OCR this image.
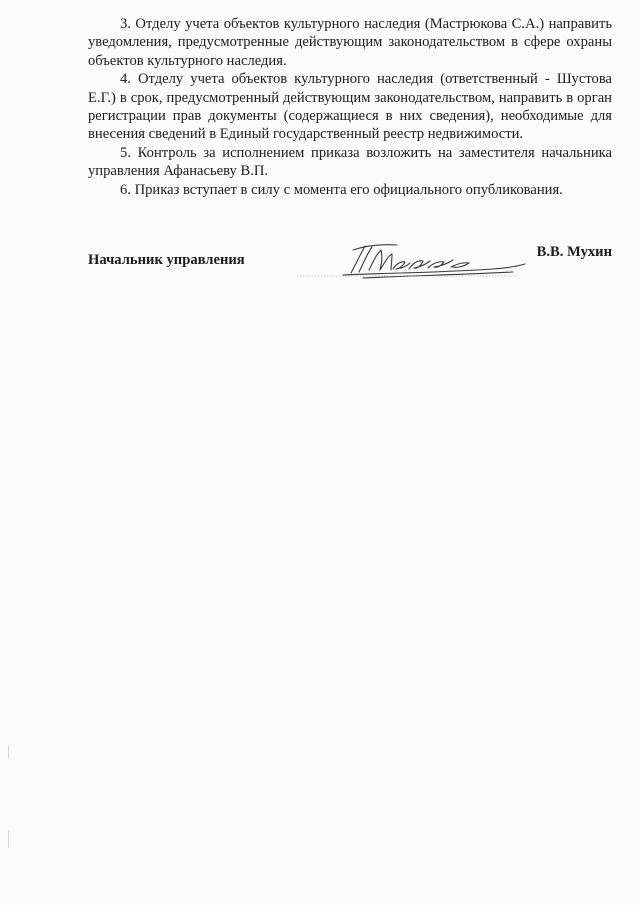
3. Отделу учета объектов культурного наследия (Мастрюкова С.А.) направить уведомления, предусмотренные действующим законодательством в сфере охраны объектов культурного наследия.

4. Отделу учета объектов культурного наследия (ответственный - Шустова Е.Г.) в срок, предусмотренный действующим законодательством, направить в орган регистрации прав документы (содержащиеся в них сведения), необходимые для внесения сведений в Единый государственный реестр недвижимости.

5. Контроль за исполнением приказа возложить на заместителя начальника управления Афанасьеву В.П.

6. Приказ вступает в силу с момента его официального опубликования.

Начальник управления	В.В. Мухин
